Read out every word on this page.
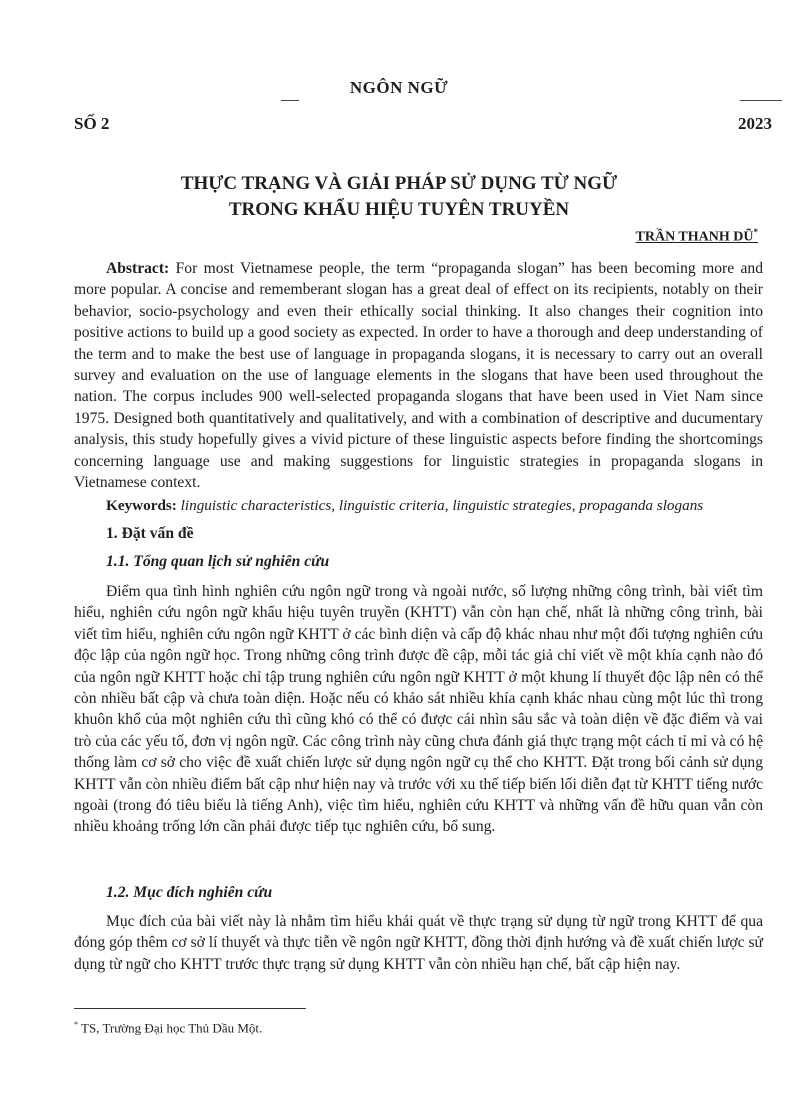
NGÔN NGỮ
SỐ 2	2023
THỰC TRẠNG VÀ GIẢI PHÁP SỬ DỤNG TỪ NGỮ
TRONG KHẨU HIỆU TUYÊN TRUYỀN
TRẦN THANH DŨ*

Abstract: For most Vietnamese people, the term “propaganda slogan” has been becoming more and more popular. A concise and rememberant slogan has a great deal of effect on its recipients, notably on their behavior, socio-psychology and even their ethically social thinking. It also changes their cognition into positive actions to build up a good society as expected. In order to have a thorough and deep understanding of the term and to make the best use of language in propaganda slogans, it is necessary to carry out an overall survey and evaluation on the use of language elements in the slogans that have been used throughout the nation. The corpus includes 900 well-selected propaganda slogans that have been used in Viet Nam since 1975. Designed both quantitatively and qualitatively, and with a combination of descriptive and ducumentary analysis, this study hopefully gives a vivid picture of these linguistic aspects before finding the shortcomings concerning language use and making suggestions for linguistic strategies in propaganda slogans in Vietnamese context.

Keywords: linguistic characteristics, linguistic criteria, linguistic strategies, propaganda slogans
1. Đặt vấn đề
1.1. Tổng quan lịch sử nghiên cứu

Điểm qua tình hình nghiên cứu ngôn ngữ trong và ngoài nước, số lượng những công trình, bài viết tìm hiểu, nghiên cứu ngôn ngữ khẩu hiệu tuyên truyền (KHTT) vẫn còn hạn chế, nhất là những công trình, bài viết tìm hiểu, nghiên cứu ngôn ngữ KHTT ở các bình diện và cấp độ khác nhau như một đối tượng nghiên cứu độc lập của ngôn ngữ học. Trong những công trình được đề cập, mỗi tác giả chỉ viết về một khía cạnh nào đó của ngôn ngữ KHTT hoặc chỉ tập trung nghiên cứu ngôn ngữ KHTT ở một khung lí thuyết độc lập nên có thể còn nhiều bất cập và chưa toàn diện. Hoặc nếu có khảo sát nhiều khía cạnh khác nhau cùng một lúc thì trong khuôn khổ của một nghiên cứu thì cũng khó có thể có được cái nhìn sâu sắc và toàn diện về đặc điểm và vai trò của các yếu tố, đơn vị ngôn ngữ. Các công trình này cũng chưa đánh giá thực trạng một cách tỉ mỉ và có hệ thống làm cơ sở cho việc đề xuất chiến lược sử dụng ngôn ngữ cụ thể cho KHTT. Đặt trong bối cảnh sử dụng KHTT vẫn còn nhiều điểm bất cập như hiện nay và trước với xu thế tiếp biến lối diễn đạt từ KHTT tiếng nước ngoài (trong đó tiêu biểu là tiếng Anh), việc tìm hiểu, nghiên cứu KHTT và những vấn đề hữu quan vẫn còn nhiều khoảng trống lớn cần phải được tiếp tục nghiên cứu, bổ sung.

1.2. Mục đích nghiên cứu

Mục đích của bài viết này là nhằm tìm hiểu khái quát về thực trạng sử dụng từ ngữ trong KHTT để qua đóng góp thêm cơ sở lí thuyết và thực tiễn về ngôn ngữ KHTT, đồng thời định hướng và đề xuất chiến lược sử dụng từ ngữ cho KHTT trước thực trạng sử dụng KHTT vẫn còn nhiều hạn chế, bất cập hiện nay.

* TS, Trường Đại học Thủ Dầu Một.
